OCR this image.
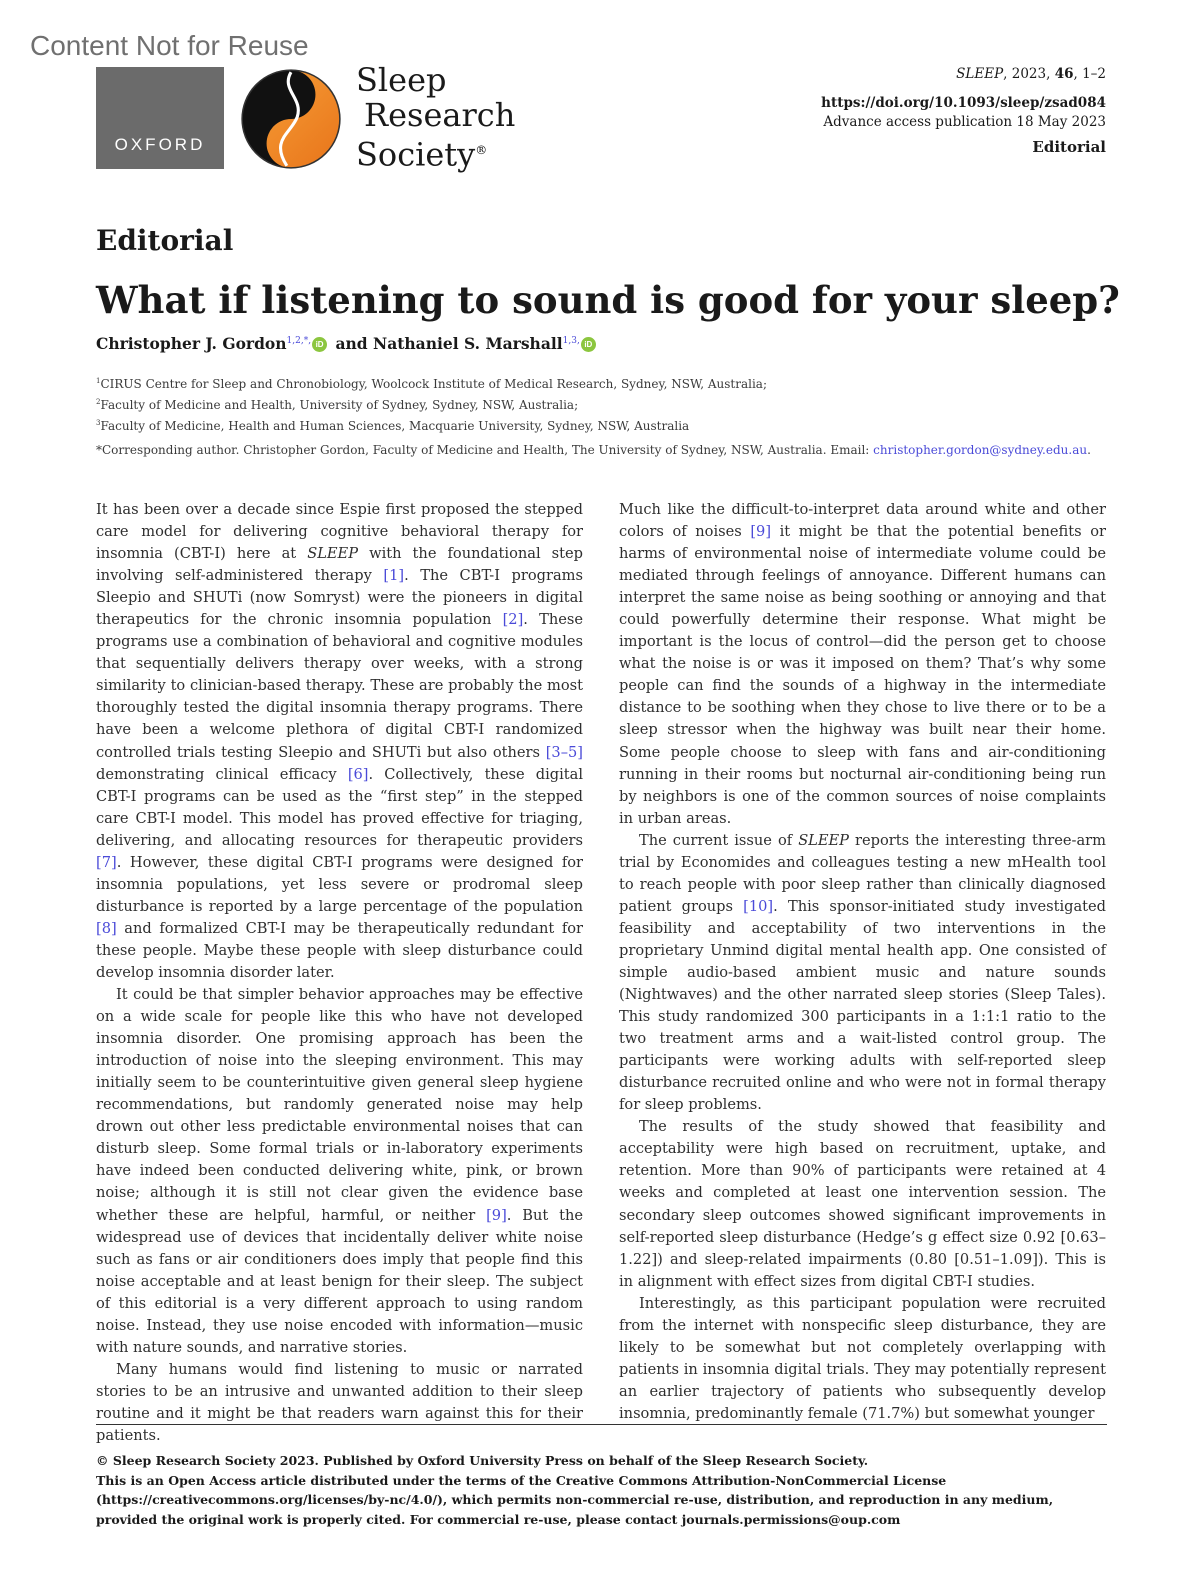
Content Not for Reuse
OXFORD
Sleep
Research
Society®
SLEEP, 2023, 46, 1–2
https://doi.org/10.1093/sleep/zsad084
Advance access publication 18 May 2023
Editorial
Editorial
What if listening to sound is good for your sleep?
Christopher J. Gordon$^{1,2,*,}$ iD and Nathaniel S. Marshall$^{1,3,}$ iD
$^1$CIRUS Centre for Sleep and Chronobiology, Woolcock Institute of Medical Research, Sydney, NSW, Australia;
$^2$Faculty of Medicine and Health, University of Sydney, Sydney, NSW, Australia;
$^3$Faculty of Medicine, Health and Human Sciences, Macquarie University, Sydney, NSW, Australia
*Corresponding author. Christopher Gordon, Faculty of Medicine and Health, The University of Sydney, NSW, Australia. Email: christopher.gordon@sydney.edu.au.

It has been over a decade since Espie first proposed the stepped care model for delivering cognitive behavioral therapy for insomnia (CBT-I) here at SLEEP with the foundational step involving self-administered therapy [1]. The CBT-I programs Sleepio and SHUTi (now Somryst) were the pioneers in digital therapeutics for the chronic insomnia population [2]. These programs use a combination of behavioral and cognitive modules that sequentially delivers therapy over weeks, with a strong similarity to clinician-based therapy. These are probably the most thoroughly tested the digital insomnia therapy programs. There have been a welcome plethora of digital CBT-I randomized controlled trials testing Sleepio and SHUTi but also others [3–5] demonstrating clinical efficacy [6]. Collectively, these digital CBT-I programs can be used as the “first step” in the stepped care CBT-I model. This model has proved effective for triaging, delivering, and allocating resources for therapeutic providers [7]. However, these digital CBT-I programs were designed for insomnia populations, yet less severe or prodromal sleep disturbance is reported by a large percentage of the population [8] and formalized CBT-I may be therapeutically redundant for these people. Maybe these people with sleep disturbance could develop insomnia disorder later.

It could be that simpler behavior approaches may be effective on a wide scale for people like this who have not developed insomnia disorder. One promising approach has been the introduction of noise into the sleeping environment. This may initially seem to be counterintuitive given general sleep hygiene recommendations, but randomly generated noise may help drown out other less predictable environmental noises that can disturb sleep. Some formal trials or in-laboratory experiments have indeed been conducted delivering white, pink, or brown noise; although it is still not clear given the evidence base whether these are helpful, harmful, or neither [9]. But the widespread use of devices that incidentally deliver white noise such as fans or air conditioners does imply that people find this noise acceptable and at least benign for their sleep. The subject of this editorial is a very different approach to using random noise. Instead, they use noise encoded with information—music with nature sounds, and narrative stories.

Many humans would find listening to music or narrated stories to be an intrusive and unwanted addition to their sleep routine and it might be that readers warn against this for their patients.

Much like the difficult-to-interpret data around white and other colors of noises [9] it might be that the potential benefits or harms of environmental noise of intermediate volume could be mediated through feelings of annoyance. Different humans can interpret the same noise as being soothing or annoying and that could powerfully determine their response. What might be important is the locus of control—did the person get to choose what the noise is or was it imposed on them? That’s why some people can find the sounds of a highway in the intermediate distance to be soothing when they chose to live there or to be a sleep stressor when the highway was built near their home. Some people choose to sleep with fans and air-conditioning running in their rooms but nocturnal air-conditioning being run by neighbors is one of the common sources of noise complaints in urban areas.

The current issue of SLEEP reports the interesting three-arm trial by Economides and colleagues testing a new mHealth tool to reach people with poor sleep rather than clinically diagnosed patient groups [10]. This sponsor-initiated study investigated feasibility and acceptability of two interventions in the proprietary Unmind digital mental health app. One consisted of simple audio-based ambient music and nature sounds (Nightwaves) and the other narrated sleep stories (Sleep Tales). This study randomized 300 participants in a 1:1:1 ratio to the two treatment arms and a wait-listed control group. The participants were working adults with self-reported sleep disturbance recruited online and who were not in formal therapy for sleep problems.

The results of the study showed that feasibility and acceptability were high based on recruitment, uptake, and retention. More than 90% of participants were retained at 4 weeks and completed at least one intervention session. The secondary sleep outcomes showed significant improvements in self-reported sleep disturbance (Hedge’s g effect size 0.92 [0.63–1.22]) and sleep-related impairments (0.80 [0.51–1.09]). This is in alignment with effect sizes from digital CBT-I studies.

Interestingly, as this participant population were recruited from the internet with nonspecific sleep disturbance, they are likely to be somewhat but not completely overlapping with patients in insomnia digital trials. They may potentially represent an earlier trajectory of patients who subsequently develop insomnia, predominantly female (71.7%) but somewhat younger

© Sleep Research Society 2023. Published by Oxford University Press on behalf of the Sleep Research Society.
This is an Open Access article distributed under the terms of the Creative Commons Attribution-NonCommercial License (https://creativecommons.org/licenses/by-nc/4.0/), which permits non-commercial re-use, distribution, and reproduction in any medium, provided the original work is properly cited. For commercial re-use, please contact journals.permissions@oup.com
